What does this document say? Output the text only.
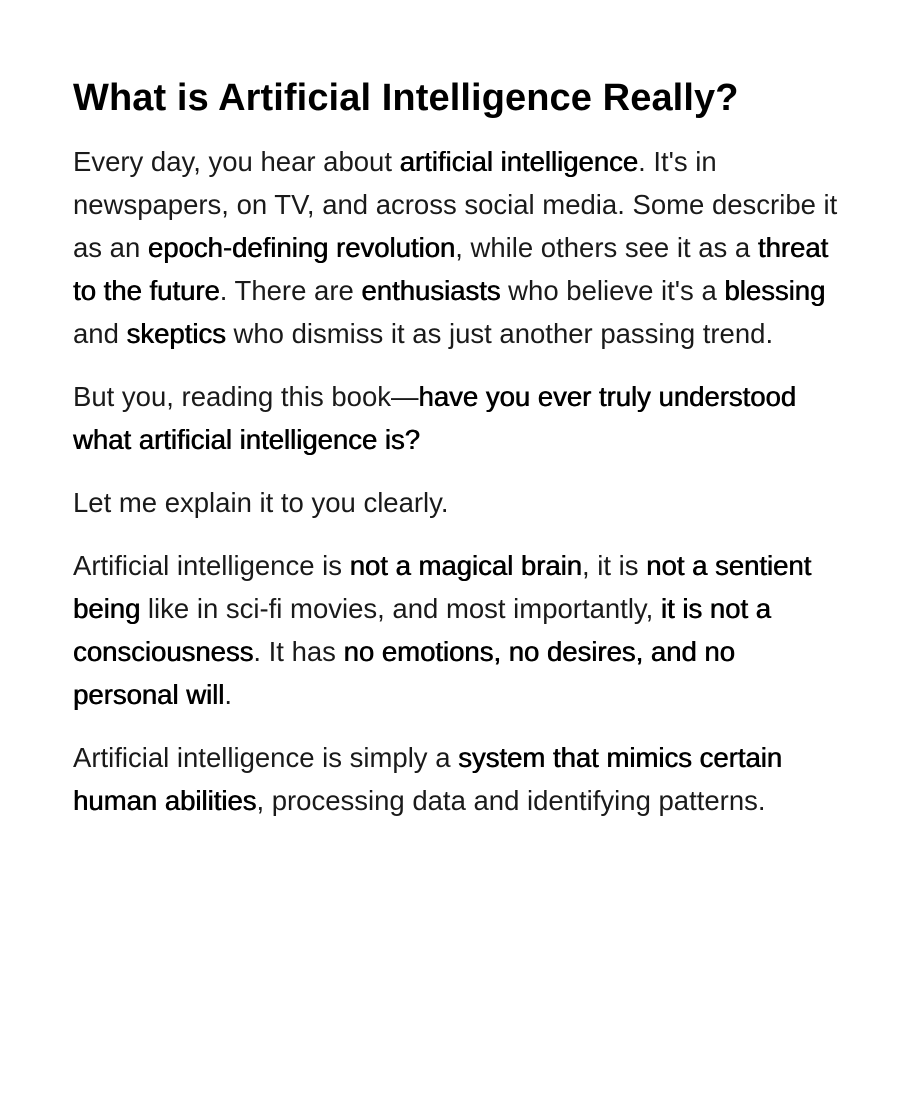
What is Artificial Intelligence Really?

Every day, you hear about artificial intelligence. It's in newspapers, on TV, and across social media. Some describe it as an epoch-defining revolution, while others see it as a threat to the future. There are enthusiasts who believe it's a blessing and skeptics who dismiss it as just another passing trend.

But you, reading this book—have you ever truly understood what artificial intelligence is?

Let me explain it to you clearly.

Artificial intelligence is not a magical brain, it is not a sentient being like in sci-fi movies, and most importantly, it is not a consciousness. It has no emotions, no desires, and no personal will.

Artificial intelligence is simply a system that mimics certain human abilities, processing data and identifying patterns.
